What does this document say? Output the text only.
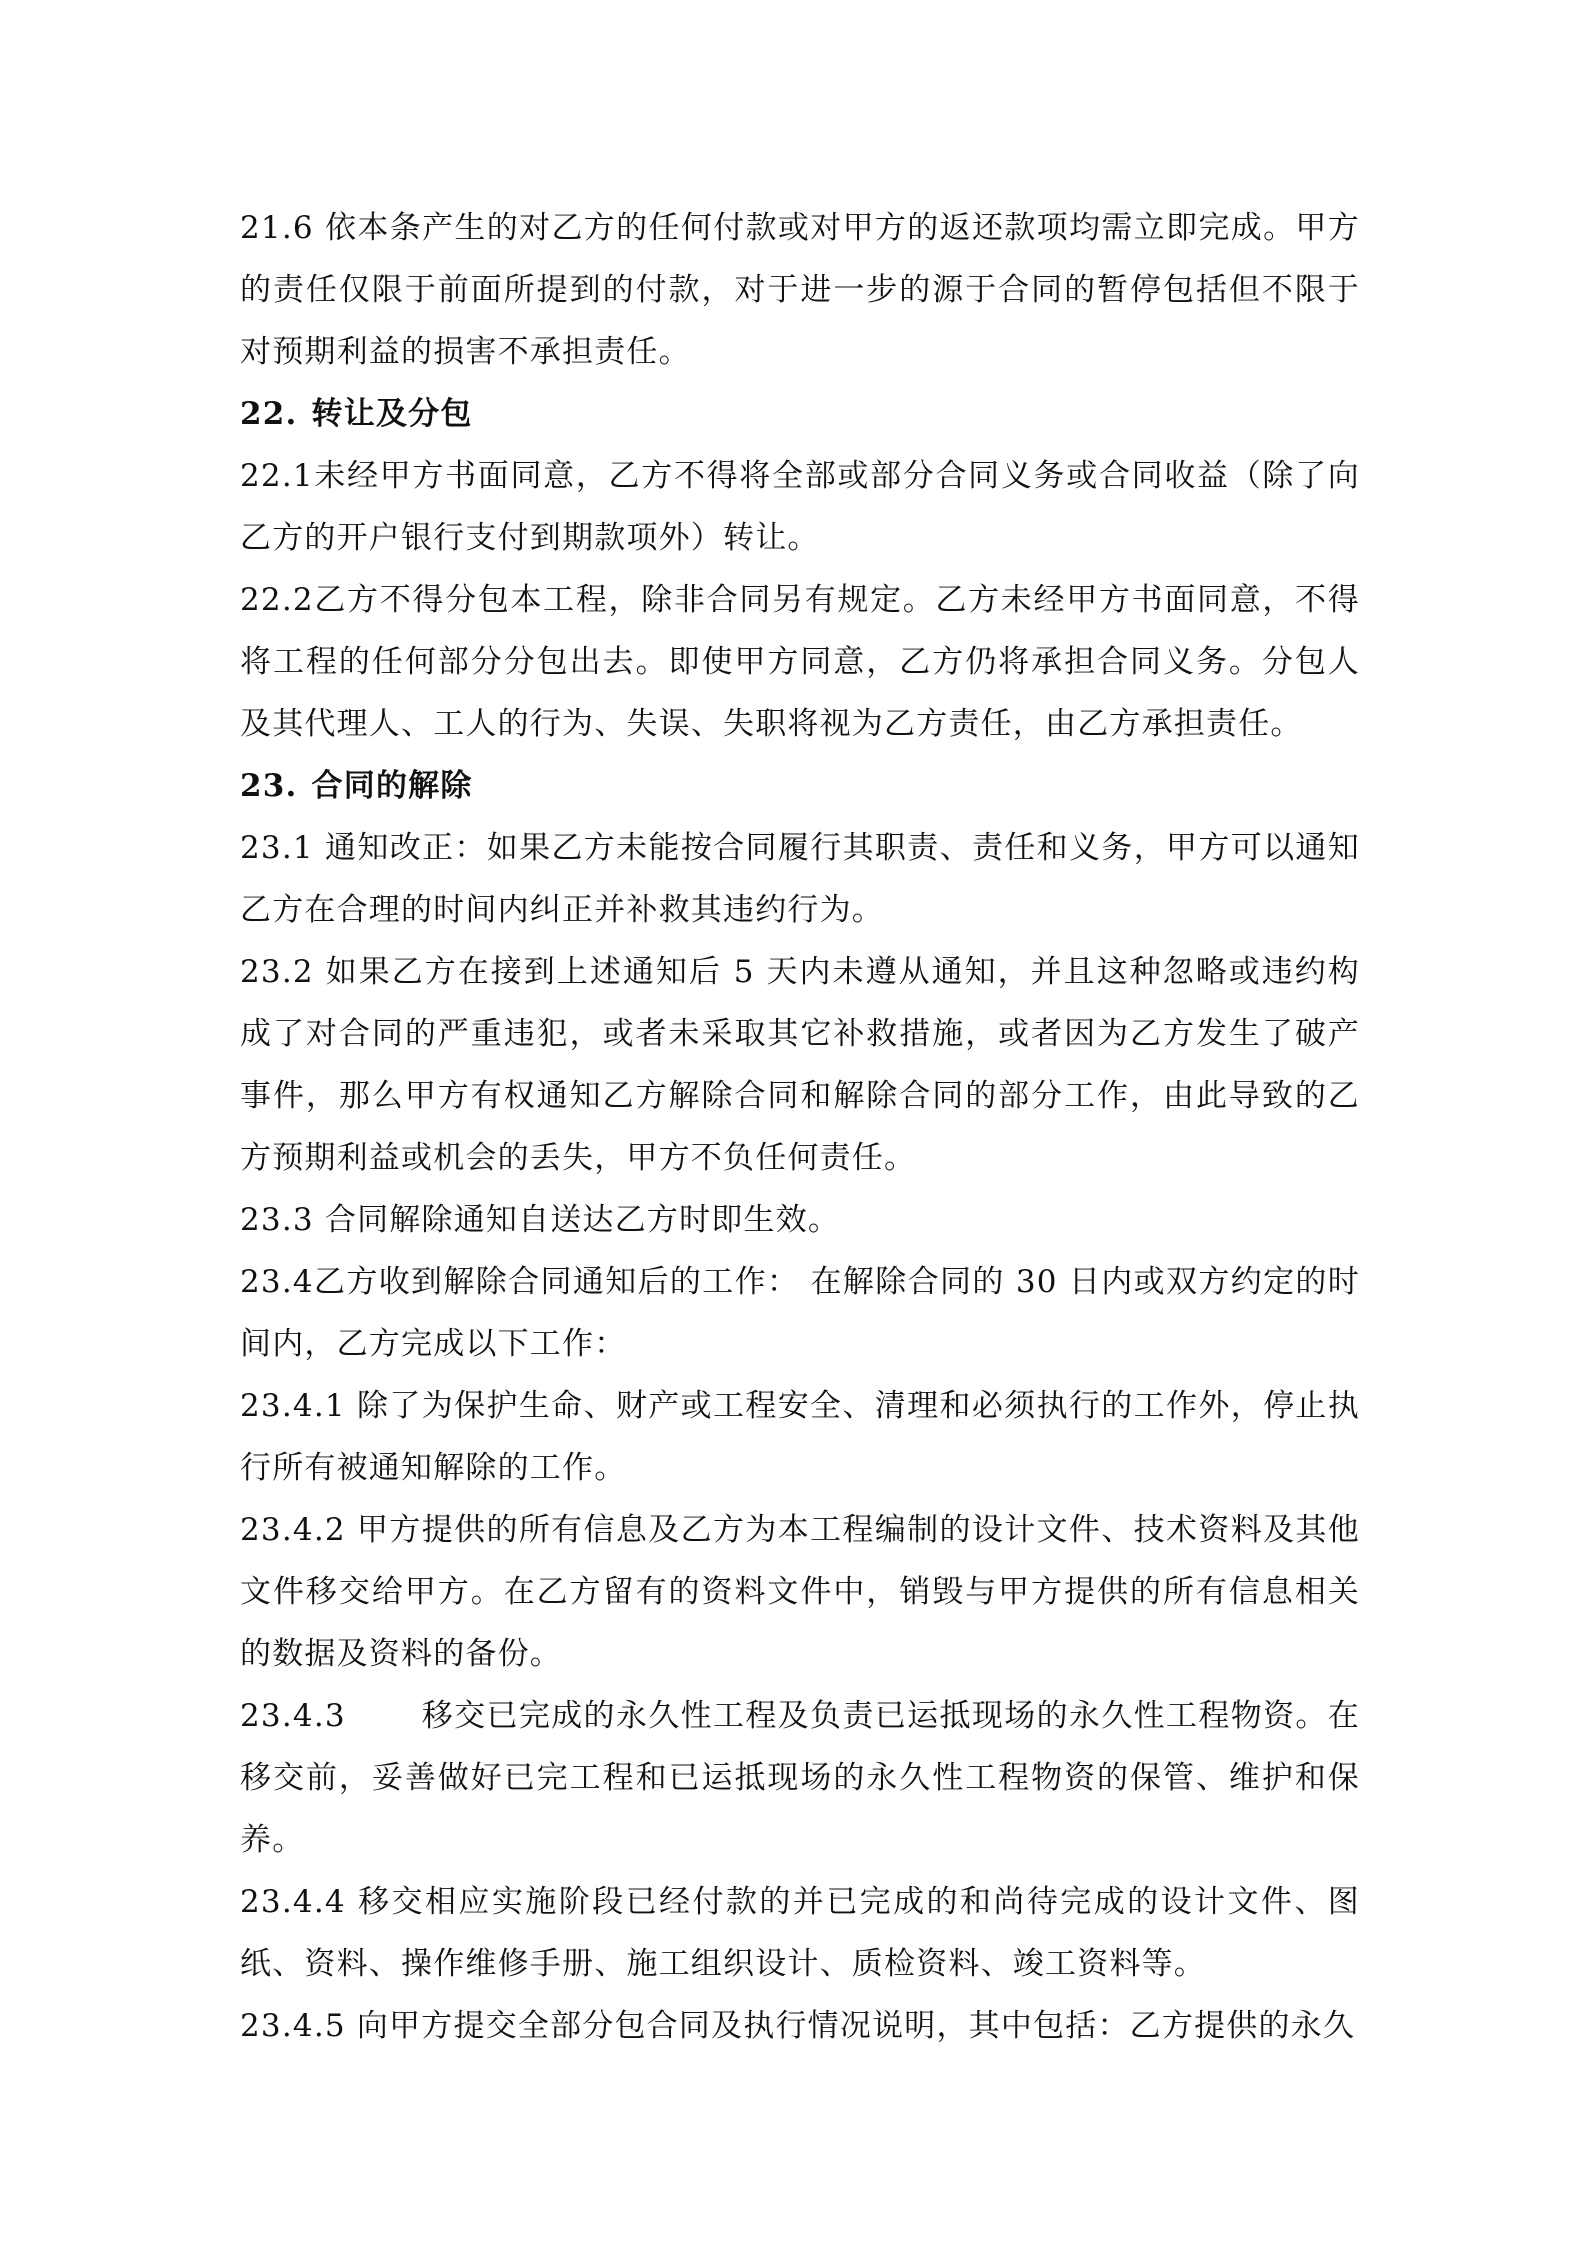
21.6 依本条产生的对乙方的任何付款或对甲方的返还款项均需立即完成。甲方的责任仅限于前面所提到的付款，对于进一步的源于合同的暂停包括但不限于对预期利益的损害不承担责任。

22. 转让及分包

22.1未经甲方书面同意，乙方不得将全部或部分合同义务或合同收益（除了向乙方的开户银行支付到期款项外）转让。

22.2乙方不得分包本工程，除非合同另有规定。乙方未经甲方书面同意，不得将工程的任何部分分包出去。即使甲方同意，乙方仍将承担合同义务。分包人及其代理人、工人的行为、失误、失职将视为乙方责任，由乙方承担责任。

23. 合同的解除

23.1 通知改正：如果乙方未能按合同履行其职责、责任和义务，甲方可以通知乙方在合理的时间内纠正并补救其违约行为。

23.2 如果乙方在接到上述通知后 5 天内未遵从通知，并且这种忽略或违约构成了对合同的严重违犯，或者未采取其它补救措施，或者因为乙方发生了破产事件，那么甲方有权通知乙方解除合同和解除合同的部分工作，由此导致的乙方预期利益或机会的丢失，甲方不负任何责任。

23.3 合同解除通知自送达乙方时即生效。

23.4乙方收到解除合同通知后的工作： 在解除合同的 30 日内或双方约定的时间内，乙方完成以下工作：

23.4.1 除了为保护生命、财产或工程安全、清理和必须执行的工作外，停止执行所有被通知解除的工作。

23.4.2 甲方提供的所有信息及乙方为本工程编制的设计文件、技术资料及其他文件移交给甲方。在乙方留有的资料文件中，销毁与甲方提供的所有信息相关的数据及资料的备份。

23.4.3 　　移交已完成的永久性工程及负责已运抵现场的永久性工程物资。在移交前，妥善做好已完工程和已运抵现场的永久性工程物资的保管、维护和保养。

23.4.4 移交相应实施阶段已经付款的并已完成的和尚待完成的设计文件、图纸、资料、操作维修手册、施工组织设计、质检资料、竣工资料等。

23.4.5 向甲方提交全部分包合同及执行情况说明，其中包括：乙方提供的永久
